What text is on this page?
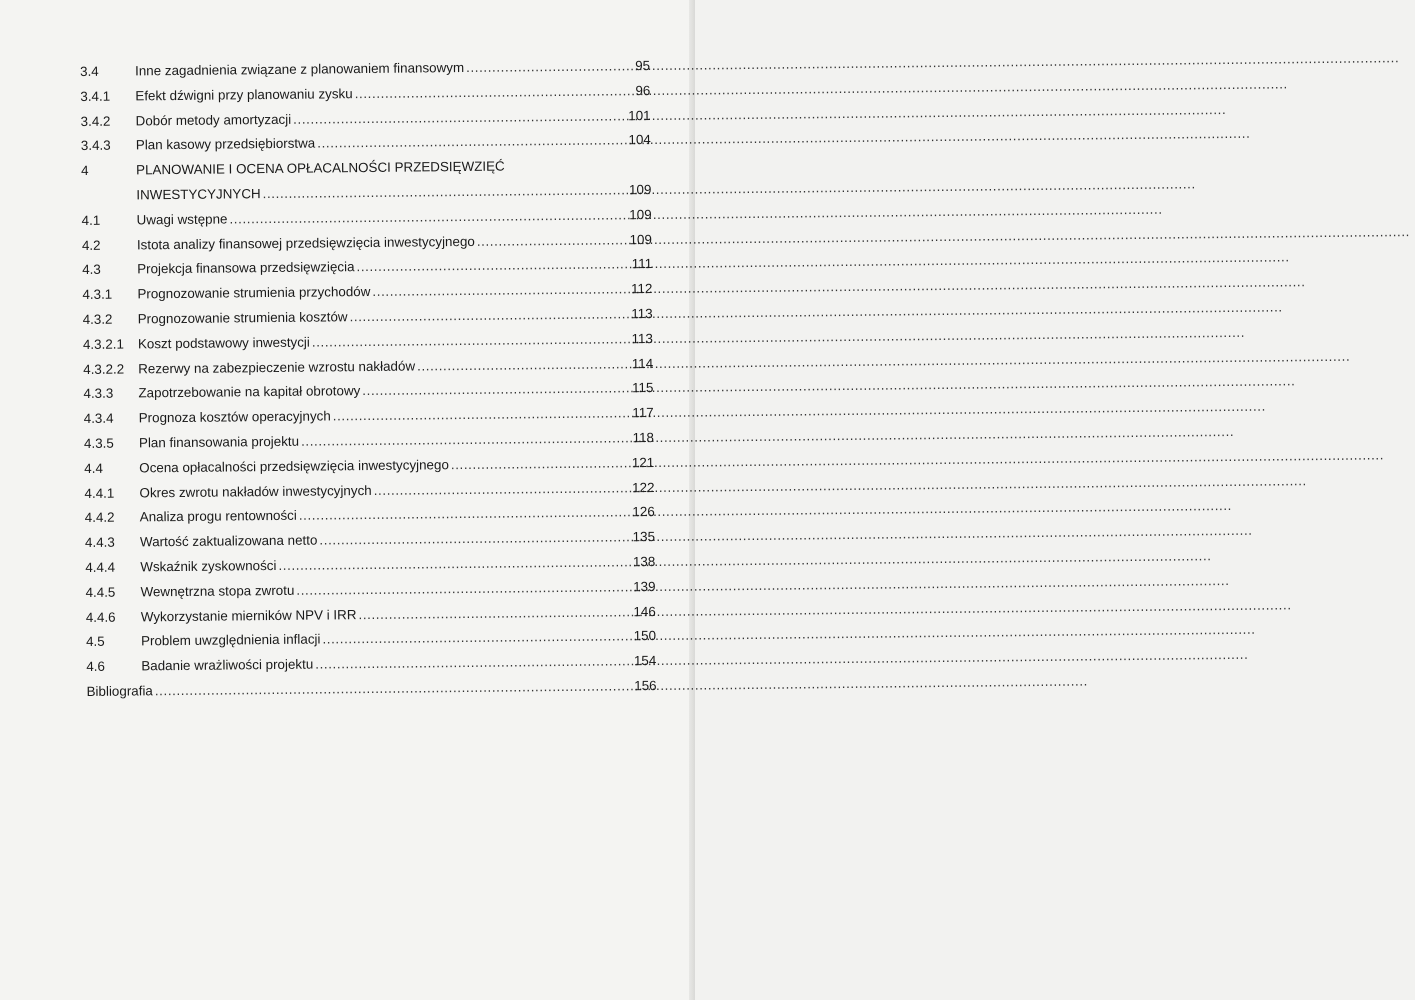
3.4	Inne zagadnienia związane z planowaniem finansowym .....	95
3.4.1	Efekt dźwigni przy planowaniu zysku .....	96
3.4.2	Dobór metody amortyzacji .....	101
3.4.3	Plan kasowy przedsiębiorstwa .....	104
4	PLANOWANIE I OCENA OPŁACALNOŚCI PRZEDSIĘWZIĘĆ
INWESTYCYJNYCH .....	109
4.1	Uwagi wstępne .....	109
4.2	Istota analizy finansowej przedsięwzięcia inwestycyjnego .....	109
4.3	Projekcja finansowa przedsięwzięcia .....	111
4.3.1	Prognozowanie strumienia przychodów .....	112
4.3.2	Prognozowanie strumienia kosztów .....	113
4.3.2.1	Koszt podstawowy inwestycji .....	113
4.3.2.2	Rezerwy na zabezpieczenie wzrostu nakładów .....	114
4.3.3	Zapotrzebowanie na kapitał obrotowy .....	115
4.3.4	Prognoza kosztów operacyjnych .....	117
4.3.5	Plan finansowania projektu .....	118
4.4	Ocena opłacalności przedsięwzięcia inwestycyjnego .....	121
4.4.1	Okres zwrotu nakładów inwestycyjnych .....	122
4.4.2	Analiza progu rentowności .....	126
4.4.3	Wartość zaktualizowana netto .....	135
4.4.4	Wskaźnik zyskowności .....	138
4.4.5	Wewnętrzna stopa zwrotu .....	139
4.4.6	Wykorzystanie mierników NPV i IRR .....	146
4.5	Problem uwzględnienia inflacji .....	150
4.6	Badanie wrażliwości projektu .....	154
Bibliografia .....	156
